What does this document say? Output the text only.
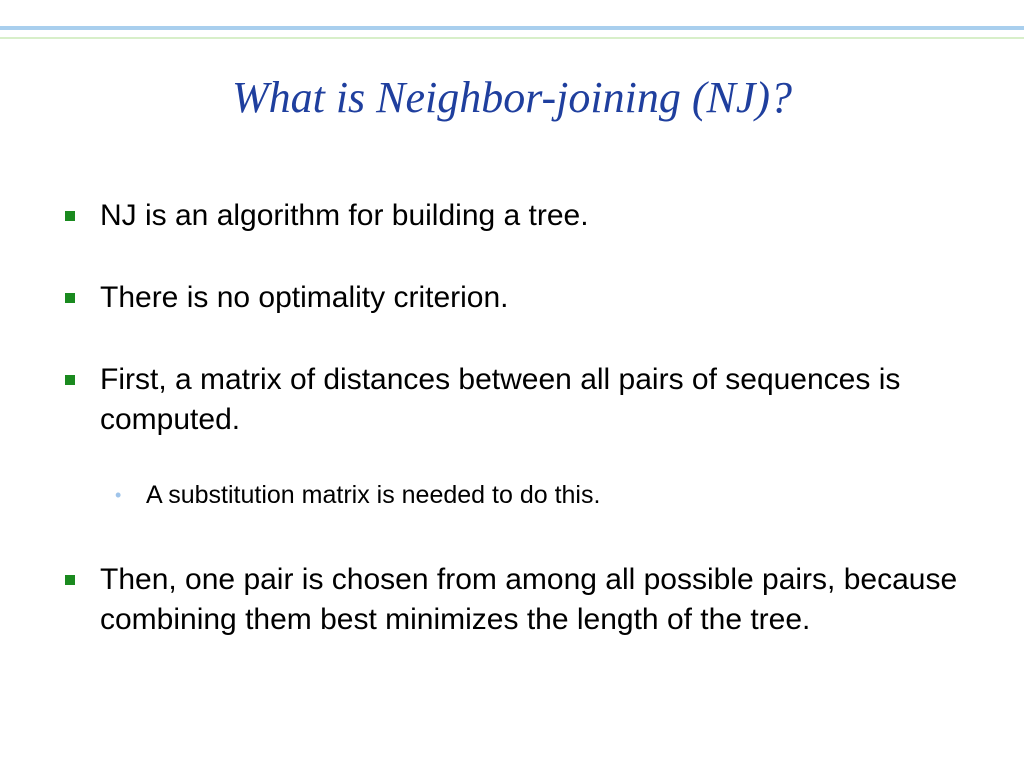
What is Neighbor-joining (NJ)?
NJ is an algorithm for building a tree.
There is no optimality criterion.
First, a matrix of distances between all pairs of sequences is computed.
• A substitution matrix is needed to do this.
Then, one pair is chosen from among all possible pairs, because combining them best minimizes the length of the tree.
